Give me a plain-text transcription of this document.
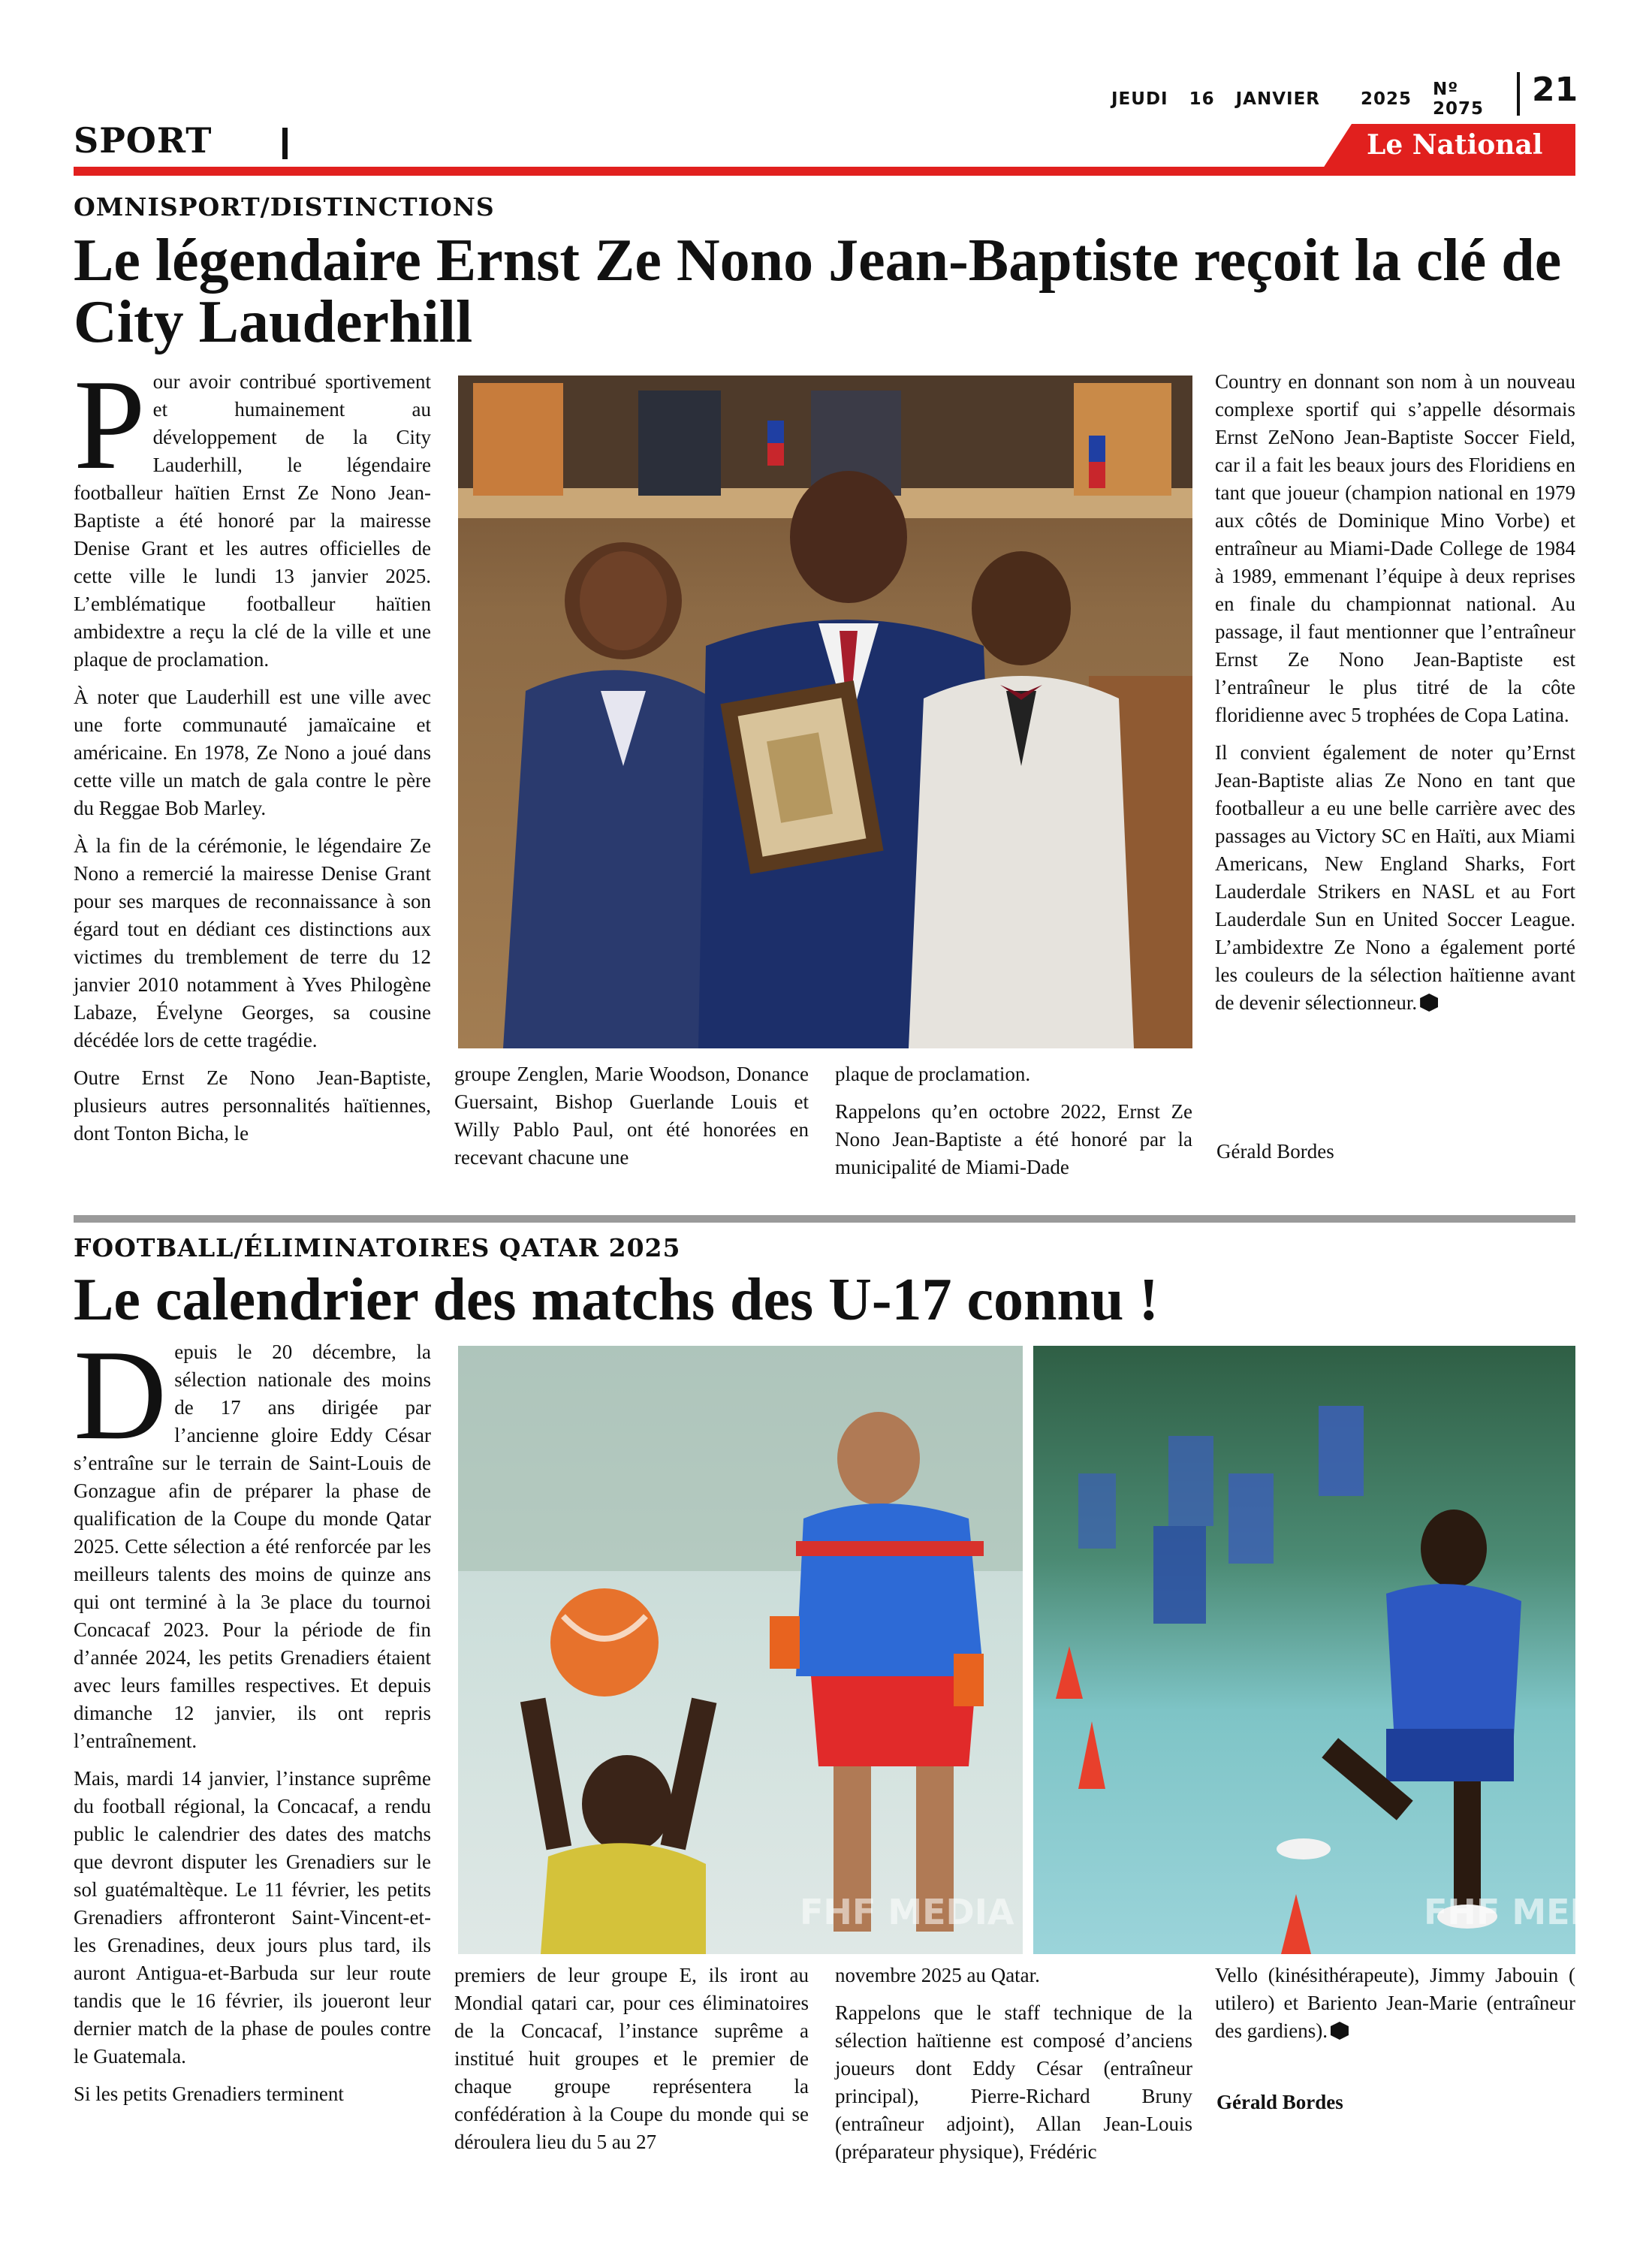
JEUDI 16 JANVIER 2025 Nº 2075 21
SPORT	Le National
OMNISPORT/DISTINCTIONS
Le légendaire Ernst Ze Nono Jean-Baptiste reçoit la clé de
City Lauderhill

Pour avoir contribué sportivement et humainement au développement de la City Lauderhill, le légendaire footballeur haïtien Ernst Ze Nono Jean-Baptiste a été honoré par la mairesse Denise Grant et les autres officielles de cette ville le lundi 13 janvier 2025. L’emblématique footballeur haïtien ambidextre a reçu la clé de la ville et une plaque de proclamation.

À noter que Lauderhill est une ville avec une forte communauté jamaïcaine et américaine. En 1978, Ze Nono a joué dans cette ville un match de gala contre le père du Reggae Bob Marley.

À la fin de la cérémonie, le légendaire Ze Nono a remercié la mairesse Denise Grant pour ses marques de reconnaissance à son égard tout en dédiant ces distinctions aux victimes du tremblement de terre du 12 janvier 2010 notamment à Yves Philogène Labaze, Évelyne Georges, sa cousine décédée lors de cette tragédie.

Outre Ernst Ze Nono Jean-Baptiste, plusieurs autres personnalités haïtiennes, dont Tonton Bicha, le

groupe Zenglen, Marie Woodson, Donance Guersaint, Bishop Guerlande Louis et Willy Pablo Paul, ont été honorées en recevant chacune une

plaque de proclamation.

Rappelons qu’en octobre 2022, Ernst Ze Nono Jean-Baptiste a été honoré par la municipalité de Miami-Dade

Country en donnant son nom à un nouveau complexe sportif qui s’appelle désormais Ernst ZeNono Jean-Baptiste Soccer Field, car il a fait les beaux jours des Floridiens en tant que joueur (champion national en 1979 aux côtés de Dominique Mino Vorbe) et entraîneur au Miami-Dade College de 1984 à 1989, emmenant l’équipe à deux reprises en finale du championnat national. Au passage, il faut mentionner que l’entraîneur Ernst Ze Nono Jean-Baptiste est l’entraîneur le plus titré de la côte floridienne avec 5 trophées de Copa Latina.

Il convient également de noter qu’Ernst Jean-Baptiste alias Ze Nono en tant que footballeur a eu une belle carrière avec des passages au Victory SC en Haïti, aux Miami Americans, New England Sharks, Fort Lauderdale Strikers en NASL et au Fort Lauderdale Sun en United Soccer League. L’ambidextre Ze Nono a également porté les couleurs de la sélection haïtienne avant de devenir sélectionneur.

Gérald Bordes
FOOTBALL/ÉLIMINATOIRES QATAR 2025
Le calendrier des matchs des U-17 connu !

Depuis le 20 décembre, la sélection nationale des moins de 17 ans dirigée par l’ancienne gloire Eddy César s’entraîne sur le terrain de Saint-Louis de Gonzague afin de préparer la phase de qualification de la Coupe du monde Qatar 2025. Cette sélection a été renforcée par les meilleurs talents des moins de quinze ans qui ont terminé à la 3e place du tournoi Concacaf 2023. Pour la période de fin d’année 2024, les petits Grenadiers étaient avec leurs familles respectives. Et depuis dimanche 12 janvier, ils ont repris l’entraînement.

Mais, mardi 14 janvier, l’instance suprême du football régional, la Concacaf, a rendu public le calendrier des dates des matchs que devront disputer les Grenadiers sur le sol guatémaltèque. Le 11 février, les petits Grenadiers affronteront Saint-Vincent-et-les Grenadines, deux jours plus tard, ils auront Antigua-et-Barbuda sur leur route tandis que le 16 février, ils joueront leur dernier match de la phase de poules contre le Guatemala.

Si les petits Grenadiers terminent

FHF MEDIA	FHF MEDIA

premiers de leur groupe E, ils iront au Mondial qatari car, pour ces éliminatoires de la Concacaf, l’instance suprême a institué huit groupes et le premier de chaque groupe représentera la confédération à la Coupe du monde qui se déroulera lieu du 5 au 27

novembre 2025 au Qatar.

Rappelons que le staff technique de la sélection haïtienne est composé d’anciens joueurs dont Eddy César (entraîneur principal), Pierre-Richard Bruny (entraîneur adjoint), Allan Jean-Louis (préparateur physique), Frédéric

Vello (kinésithérapeute), Jimmy Jabouin ( utilero) et Bariento Jean-Marie (entraîneur des gardiens).

Gérald Bordes
